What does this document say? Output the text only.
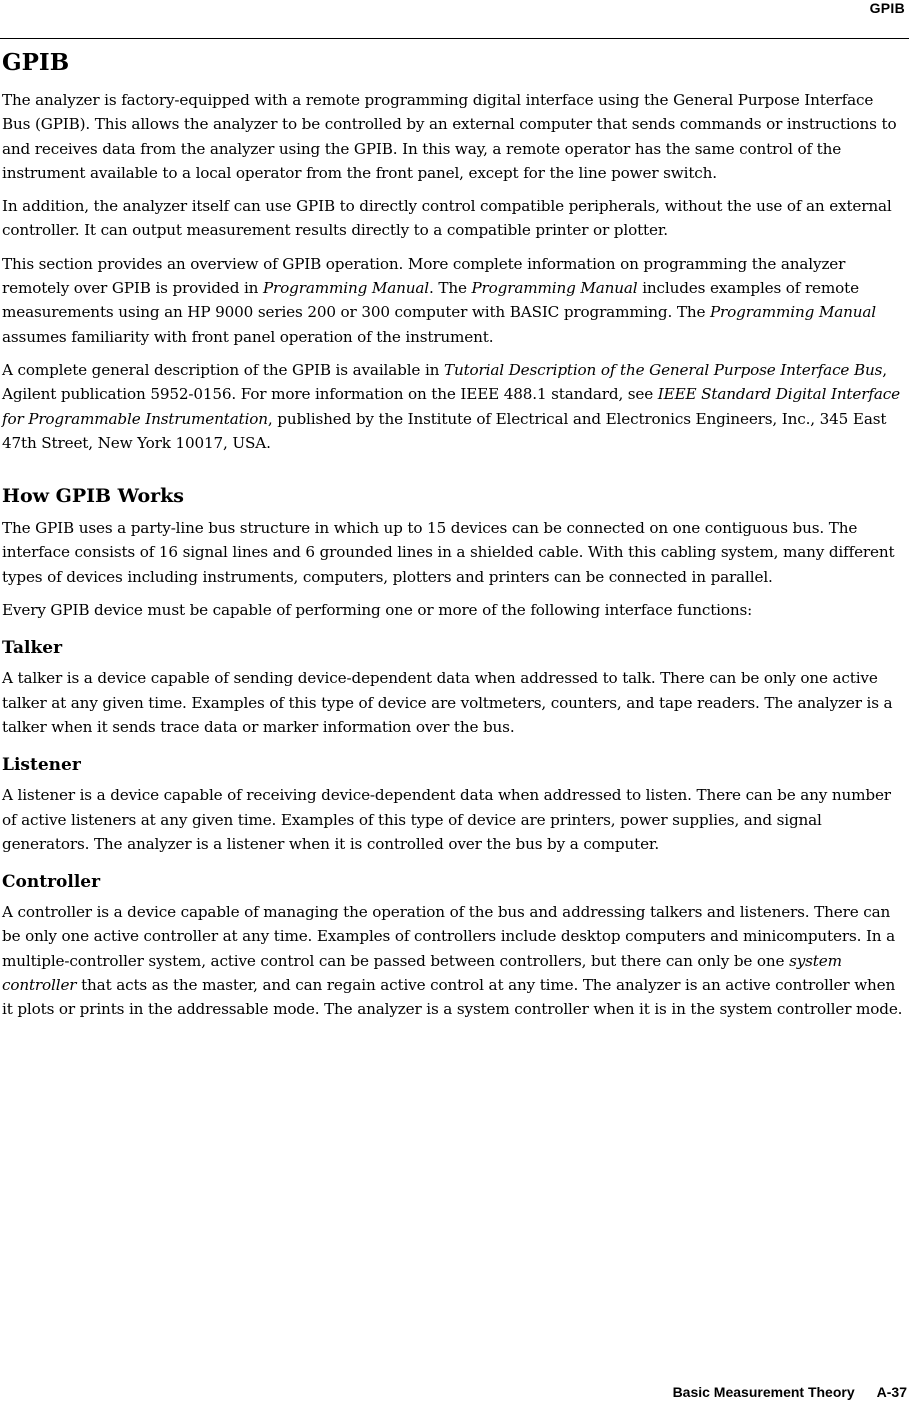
GPIB
GPIB

The analyzer is factory-equipped with a remote programming digital interface using the General Purpose Interface Bus (GPIB). This allows the analyzer to be controlled by an external computer that sends commands or instructions to and receives data from the analyzer using the GPIB. In this way, a remote operator has the same control of the instrument available to a local operator from the front panel, except for the line power switch.

In addition, the analyzer itself can use GPIB to directly control compatible peripherals, without the use of an external controller. It can output measurement results directly to a compatible printer or plotter.

This section provides an overview of GPIB operation. More complete information on programming the analyzer remotely over GPIB is provided in Programming Manual. The Programming Manual includes examples of remote measurements using an HP 9000 series 200 or 300 computer with BASIC programming. The Programming Manual assumes familiarity with front panel operation of the instrument.

A complete general description of the GPIB is available in Tutorial Description of the General Purpose Interface Bus, Agilent publication 5952-0156. For more information on the IEEE 488.1 standard, see IEEE Standard Digital Interface for Programmable Instrumentation, published by the Institute of Electrical and Electronics Engineers, Inc., 345 East 47th Street, New York 10017, USA.

How GPIB Works

The GPIB uses a party-line bus structure in which up to 15 devices can be connected on one contiguous bus. The interface consists of 16 signal lines and 6 grounded lines in a shielded cable. With this cabling system, many different types of devices including instruments, computers, plotters and printers can be connected in parallel.

Every GPIB device must be capable of performing one or more of the following interface functions:

Talker

A talker is a device capable of sending device-dependent data when addressed to talk. There can be only one active talker at any given time. Examples of this type of device are voltmeters, counters, and tape readers. The analyzer is a talker when it sends trace data or marker information over the bus.

Listener

A listener is a device capable of receiving device-dependent data when addressed to listen. There can be any number of active listeners at any given time. Examples of this type of device are printers, power supplies, and signal generators. The analyzer is a listener when it is controlled over the bus by a computer.

Controller

A controller is a device capable of managing the operation of the bus and addressing talkers and listeners. There can be only one active controller at any time. Examples of controllers include desktop computers and minicomputers. In a multiple-controller system, active control can be passed between controllers, but there can only be one system controller that acts as the master, and can regain active control at any time. The analyzer is an active controller when it plots or prints in the addressable mode. The analyzer is a system controller when it is in the system controller mode.

Basic Measurement Theory A-37
